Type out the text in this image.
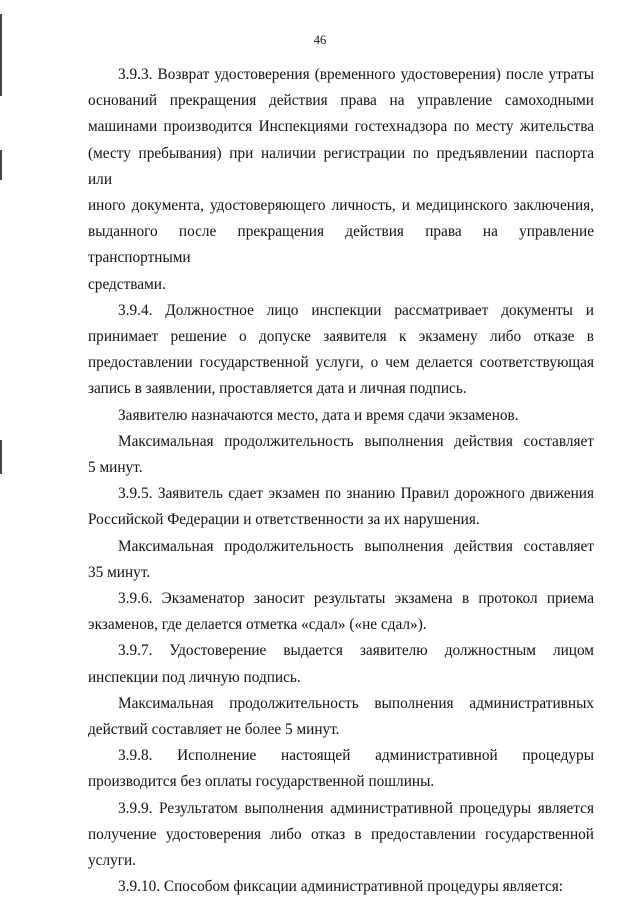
46
3.9.3. Возврат удостоверения (временного удостоверения) после утраты
оснований прекращения действия права на управление самоходными
машинами производится Инспекциями гостехнадзора по месту жительства
(месту пребывания) при наличии регистрации по предъявлении паспорта или
иного документа, удостоверяющего личность, и медицинского заключения,
выданного после прекращения действия права на управление транспортными
средствами.
3.9.4. Должностное лицо инспекции рассматривает документы и
принимает решение о допуске заявителя к экзамену либо отказе в
предоставлении государственной услуги, о чем делается соответствующая
запись в заявлении, проставляется дата и личная подпись.
Заявителю назначаются место, дата и время сдачи экзаменов.
Максимальная продолжительность выполнения действия составляет
5 минут.
3.9.5. Заявитель сдает экзамен по знанию Правил дорожного движения
Российской Федерации и ответственности за их нарушения.
Максимальная продолжительность выполнения действия составляет
35 минут.
3.9.6. Экзаменатор заносит результаты экзамена в протокол приема
экзаменов, где делается отметка «сдал» («не сдал»).
3.9.7. Удостоверение выдается заявителю должностным лицом
инспекции под личную подпись.
Максимальная продолжительность выполнения административных
действий составляет не более 5 минут.
3.9.8. Исполнение настоящей административной процедуры
производится без оплаты государственной пошлины.
3.9.9. Результатом выполнения административной процедуры является
получение удостоверения либо отказ в предоставлении государственной
услуги.
3.9.10. Способом фиксации административной процедуры является:
